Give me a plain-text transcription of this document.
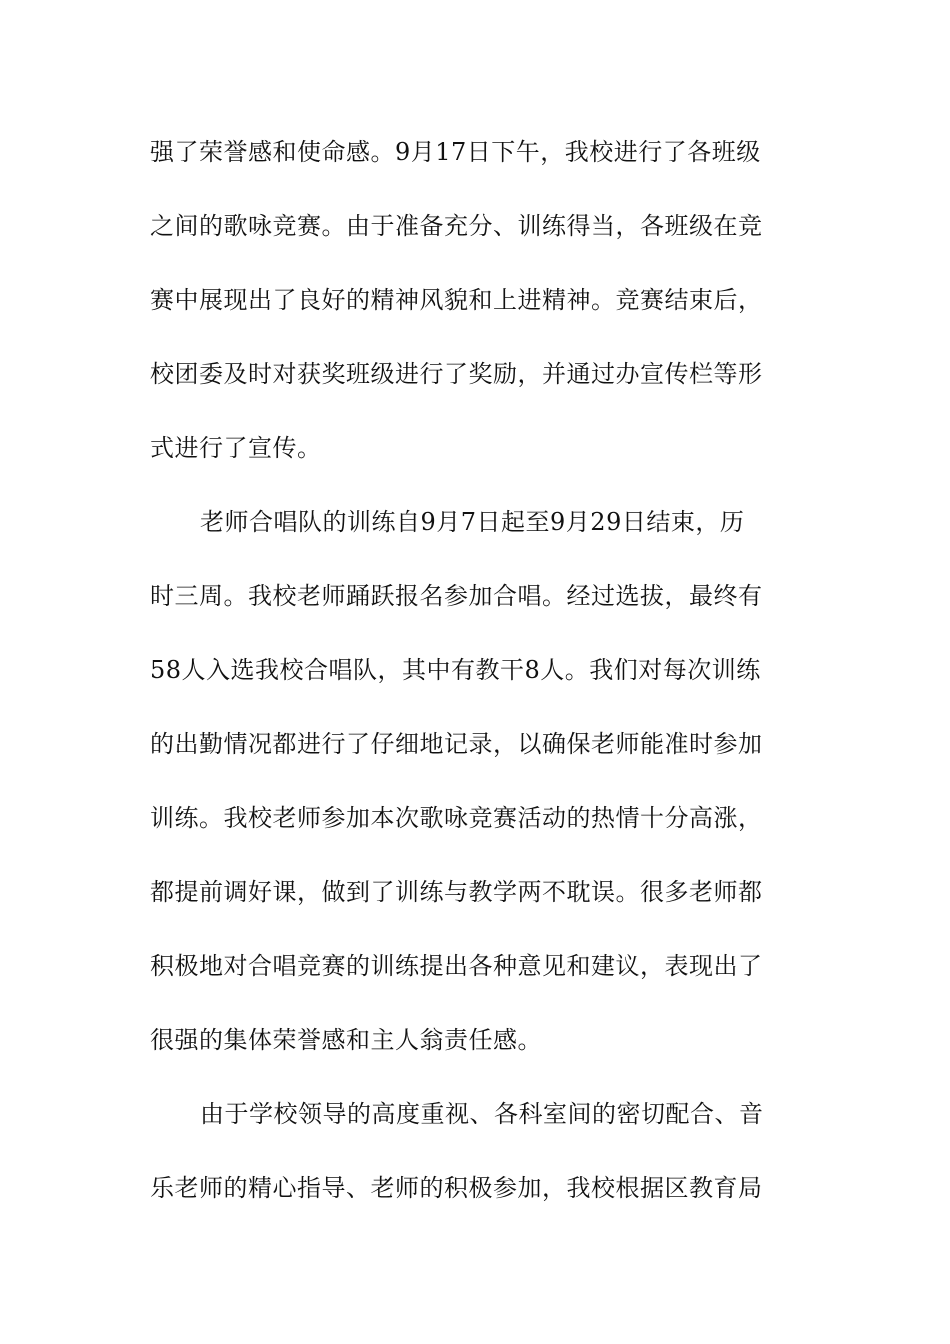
强了荣誉感和使命感。9月17日下午，我校进行了各班级
之间的歌咏竞赛。由于准备充分、训练得当，各班级在竞
赛中展现出了良好的精神风貌和上进精神。竞赛结束后，
校团委及时对获奖班级进行了奖励，并通过办宣传栏等形
式进行了宣传。
老师合唱队的训练自9月7日起至9月29日结束，历
时三周。我校老师踊跃报名参加合唱。经过选拔，最终有
58人入选我校合唱队，其中有教干8人。我们对每次训练
的出勤情况都进行了仔细地记录，以确保老师能准时参加
训练。我校老师参加本次歌咏竞赛活动的热情十分高涨，
都提前调好课，做到了训练与教学两不耽误。很多老师都
积极地对合唱竞赛的训练提出各种意见和建议，表现出了
很强的集体荣誉感和主人翁责任感。
由于学校领导的高度重视、各科室间的密切配合、音
乐老师的精心指导、老师的积极参加，我校根据区教育局
